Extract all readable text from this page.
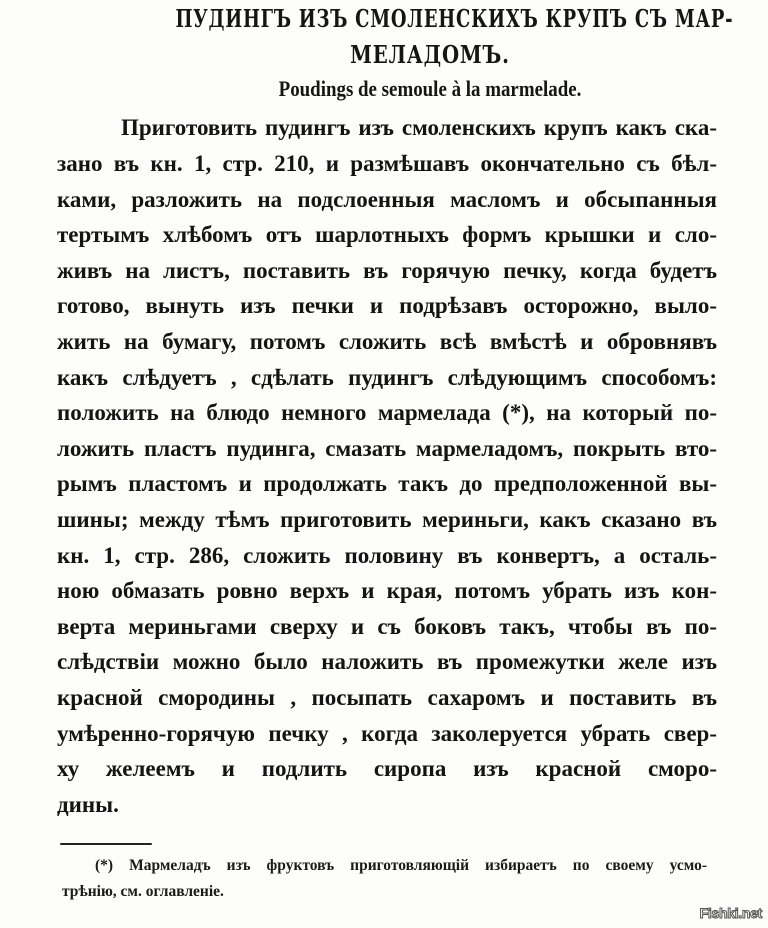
ПУДИНГЪ ИЗЪ СМОЛЕНСКИХЪ КРУПЪ СЪ МАР-
МЕЛАДОМЪ.
Poudings de semoule à la marmelade.
Приготовить пудингъ изъ смоленскихъ крупъ какъ ска-
зано въ кн. 1, стр. 210, и размѣшавъ окончательно съ бѣл-
ками, разложить на подслоенныя масломъ и обсыпанныя
тертымъ хлѣбомъ отъ шарлотныхъ формъ крышки и сло-
живъ на листъ, поставить въ горячую печку, когда будетъ
готово, вынуть изъ печки и подрѣзавъ осторожно, выло-
жить на бумагу, потомъ сложить всѣ вмѣстѣ и обровнявъ
какъ слѣдуетъ , сдѣлать пудингъ слѣдующимъ способомъ:
положить на блюдо немного мармелада (*), на который по-
ложить пластъ пудинга, смазать мармеладомъ, покрыть вто-
рымъ пластомъ и продолжать такъ до предположенной вы-
шины; между тѣмъ приготовить мериньги, какъ сказано въ
кн. 1, стр. 286, сложить половину въ конвертъ, а осталь-
ною обмазать ровно верхъ и края, потомъ убрать изъ кон-
верта мериньгами сверху и съ боковъ такъ, чтобы въ по-
слѣдствіи можно было наложить въ промежутки желе изъ
красной смородины , посыпать сахаромъ и поставить въ
умѣренно-горячую печку , когда заколеруется убрать свер-
ху желеемъ и подлить сиропа изъ красной сморо-
дины.
(*) Мармеладъ изъ фруктовъ приготовляющій избираетъ по своему усмо-
трѣнію, см. оглавленіе.
Fishki.net
